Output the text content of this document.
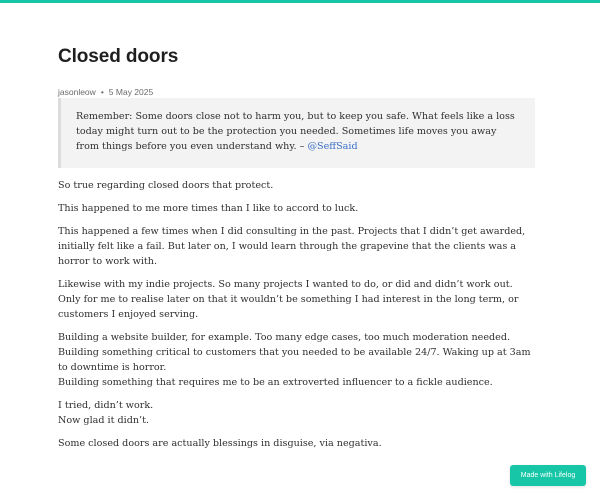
Closed doors
jasonleow • 5 May 2025
Remember: Some doors close not to harm you, but to keep you safe. What feels like a loss today might turn out to be the protection you needed. Sometimes life moves you away from things before you even understand why. – @SeffSaid

So true regarding closed doors that protect.

This happened to me more times than I like to accord to luck.

This happened a few times when I did consulting in the past. Projects that I didn’t get awarded, initially felt like a fail. But later on, I would learn through the grapevine that the clients was a horror to work with.

Likewise with my indie projects. So many projects I wanted to do, or did and didn’t work out. Only for me to realise later on that it wouldn’t be something I had interest in the long term, or customers I enjoyed serving.

Building a website builder, for example. Too many edge cases, too much moderation needed.
Building something critical to customers that you needed to be available 24/7. Waking up at 3am to downtime is horror.
Building something that requires me to be an extroverted influencer to a fickle audience.

I tried, didn’t work.
Now glad it didn’t.

Some closed doors are actually blessings in disguise, via negativa.

Made with Lifelog
